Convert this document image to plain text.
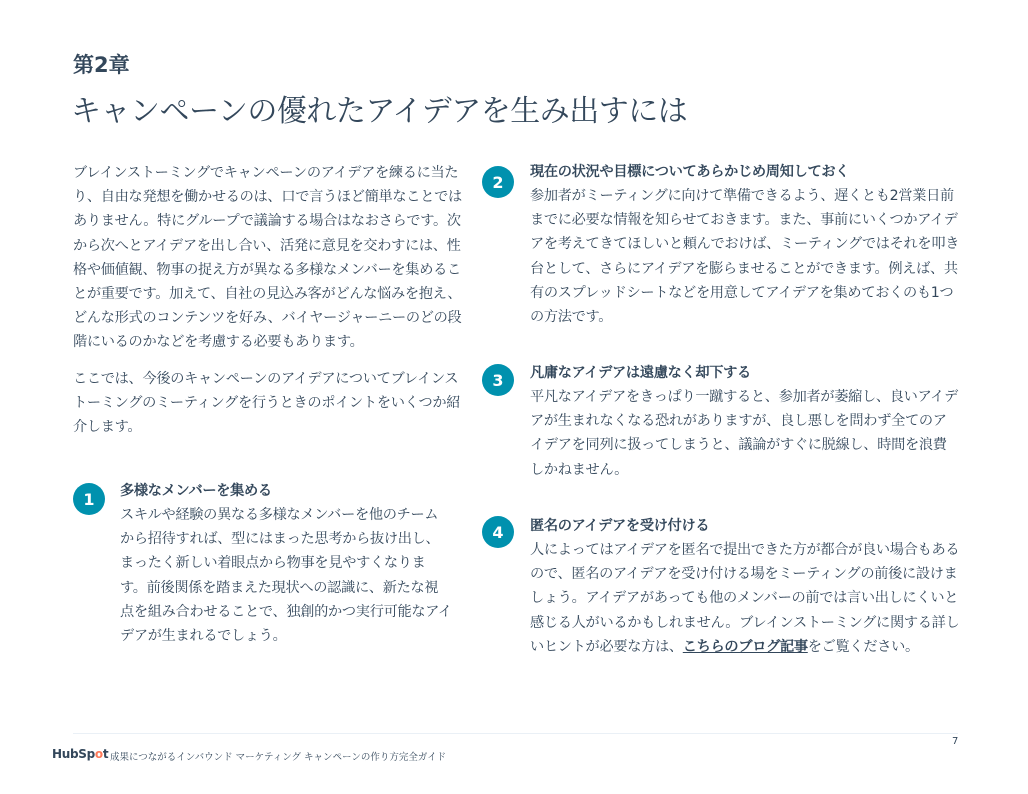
第2章
キャンペーンの優れたアイデアを生み出すには

ブレインストーミングでキャンペーンのアイデアを練るに当たり、自由な発想を働かせるのは、口で言うほど簡単なことではありません。特にグループで議論する場合はなおさらです。次から次へとアイデアを出し合い、活発に意見を交わすには、性格や価値観、物事の捉え方が異なる多様なメンバーを集めることが重要です。加えて、自社の見込み客がどんな悩みを抱え、どんな形式のコンテンツを好み、バイヤージャーニーのどの段階にいるのかなどを考慮する必要もあります。

ここでは、今後のキャンペーンのアイデアについてブレインストーミングのミーティングを行うときのポイントをいくつか紹介します。

1	多様なメンバーを集める

スキルや経験の異なる多様なメンバーを他のチームから招待すれば、型にはまった思考から抜け出し、まったく新しい着眼点から物事を見やすくなります。前後関係を踏まえた現状への認識に、新たな視点を組み合わせることで、独創的かつ実行可能なアイデアが生まれるでしょう。

2
現在の状況や目標についてあらかじめ周知しておく

参加者がミーティングに向けて準備できるよう、遅くとも2営業日前までに必要な情報を知らせておきます。また、事前にいくつかアイデアを考えてきてほしいと頼んでおけば、ミーティングではそれを叩き台として、さらにアイデアを膨らませることができます。例えば、共有のスプレッドシートなどを用意してアイデアを集めておくのも1つの方法です。

3	凡庸なアイデアは遠慮なく却下する

平凡なアイデアをきっぱり一蹴すると、参加者が萎縮し、良いアイデアが生まれなくなる恐れがありますが、良し悪しを問わず全てのアイデアを同列に扱ってしまうと、議論がすぐに脱線し、時間を浪費しかねません。

4	匿名のアイデアを受け付ける

人によってはアイデアを匿名で提出できた方が都合が良い場合もあるので、匿名のアイデアを受け付ける場をミーティングの前後に設けましょう。アイデアがあっても他のメンバーの前では言い出しにくいと感じる人がいるかもしれません。ブレインストーミングに関する詳しいヒントが必要な方は、こちらのブログ記事をご覧ください。

HubSpot 成果につながるインバウンド マーケティング キャンペーンの作り方完全ガイド
7
